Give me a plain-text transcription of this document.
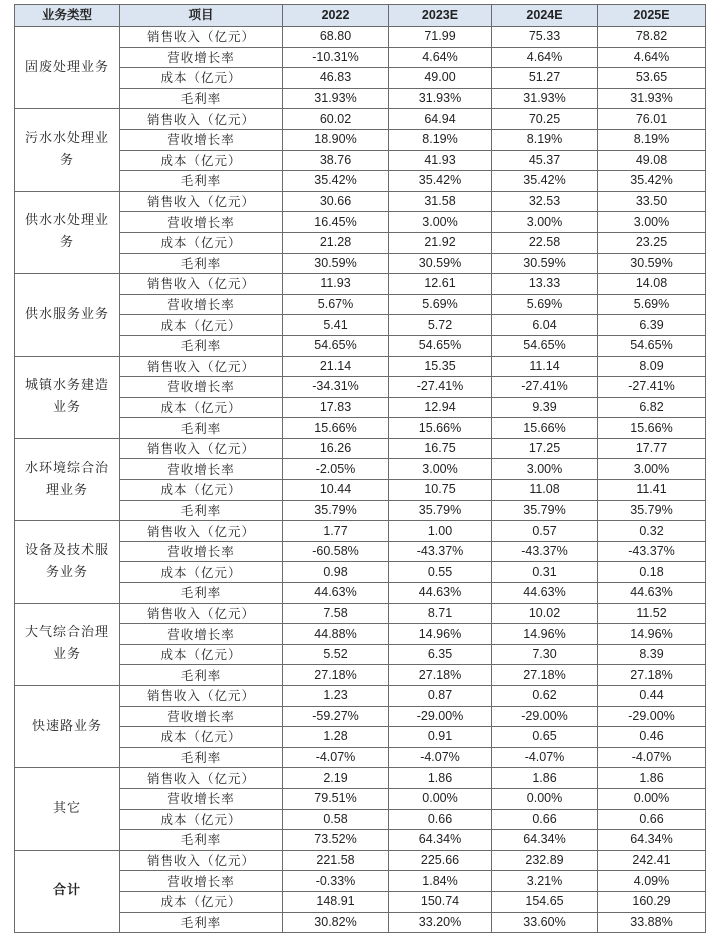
业务类型	项目	2022	2023E	2024E	2025E
固废处理业务	销售收入（亿元）	68.80	71.99	75.33	78.82
	营收增长率	-10.31%	4.64%	4.64%	4.64%
	成本（亿元）	46.83	49.00	51.27	53.65
	毛利率	31.93%	31.93%	31.93%	31.93%
污水水处理业务	销售收入（亿元）	60.02	64.94	70.25	76.01
	营收增长率	18.90%	8.19%	8.19%	8.19%
	成本（亿元）	38.76	41.93	45.37	49.08
	毛利率	35.42%	35.42%	35.42%	35.42%
供水水处理业务	销售收入（亿元）	30.66	31.58	32.53	33.50
	营收增长率	16.45%	3.00%	3.00%	3.00%
	成本（亿元）	21.28	21.92	22.58	23.25
	毛利率	30.59%	30.59%	30.59%	30.59%
供水服务业务	销售收入（亿元）	11.93	12.61	13.33	14.08
	营收增长率	5.67%	5.69%	5.69%	5.69%
	成本（亿元）	5.41	5.72	6.04	6.39
	毛利率	54.65%	54.65%	54.65%	54.65%
城镇水务建造业务	销售收入（亿元）	21.14	15.35	11.14	8.09
	营收增长率	-34.31%	-27.41%	-27.41%	-27.41%
	成本（亿元）	17.83	12.94	9.39	6.82
	毛利率	15.66%	15.66%	15.66%	15.66%
水环境综合治理业务	销售收入（亿元）	16.26	16.75	17.25	17.77
	营收增长率	-2.05%	3.00%	3.00%	3.00%
	成本（亿元）	10.44	10.75	11.08	11.41
	毛利率	35.79%	35.79%	35.79%	35.79%
设备及技术服务业务	销售收入（亿元）	1.77	1.00	0.57	0.32
	营收增长率	-60.58%	-43.37%	-43.37%	-43.37%
	成本（亿元）	0.98	0.55	0.31	0.18
	毛利率	44.63%	44.63%	44.63%	44.63%
大气综合治理业务	销售收入（亿元）	7.58	8.71	10.02	11.52
	营收增长率	44.88%	14.96%	14.96%	14.96%
	成本（亿元）	5.52	6.35	7.30	8.39
	毛利率	27.18%	27.18%	27.18%	27.18%
快速路业务	销售收入（亿元）	1.23	0.87	0.62	0.44
	营收增长率	-59.27%	-29.00%	-29.00%	-29.00%
	成本（亿元）	1.28	0.91	0.65	0.46
	毛利率	-4.07%	-4.07%	-4.07%	-4.07%
其它	销售收入（亿元）	2.19	1.86	1.86	1.86
	营收增长率	79.51%	0.00%	0.00%	0.00%
	成本（亿元）	0.58	0.66	0.66	0.66
	毛利率	73.52%	64.34%	64.34%	64.34%
合计	销售收入（亿元）	221.58	225.66	232.89	242.41
	营收增长率	-0.33%	1.84%	3.21%	4.09%
	成本（亿元）	148.91	150.74	154.65	160.29
	毛利率	30.82%	33.20%	33.60%	33.88%
